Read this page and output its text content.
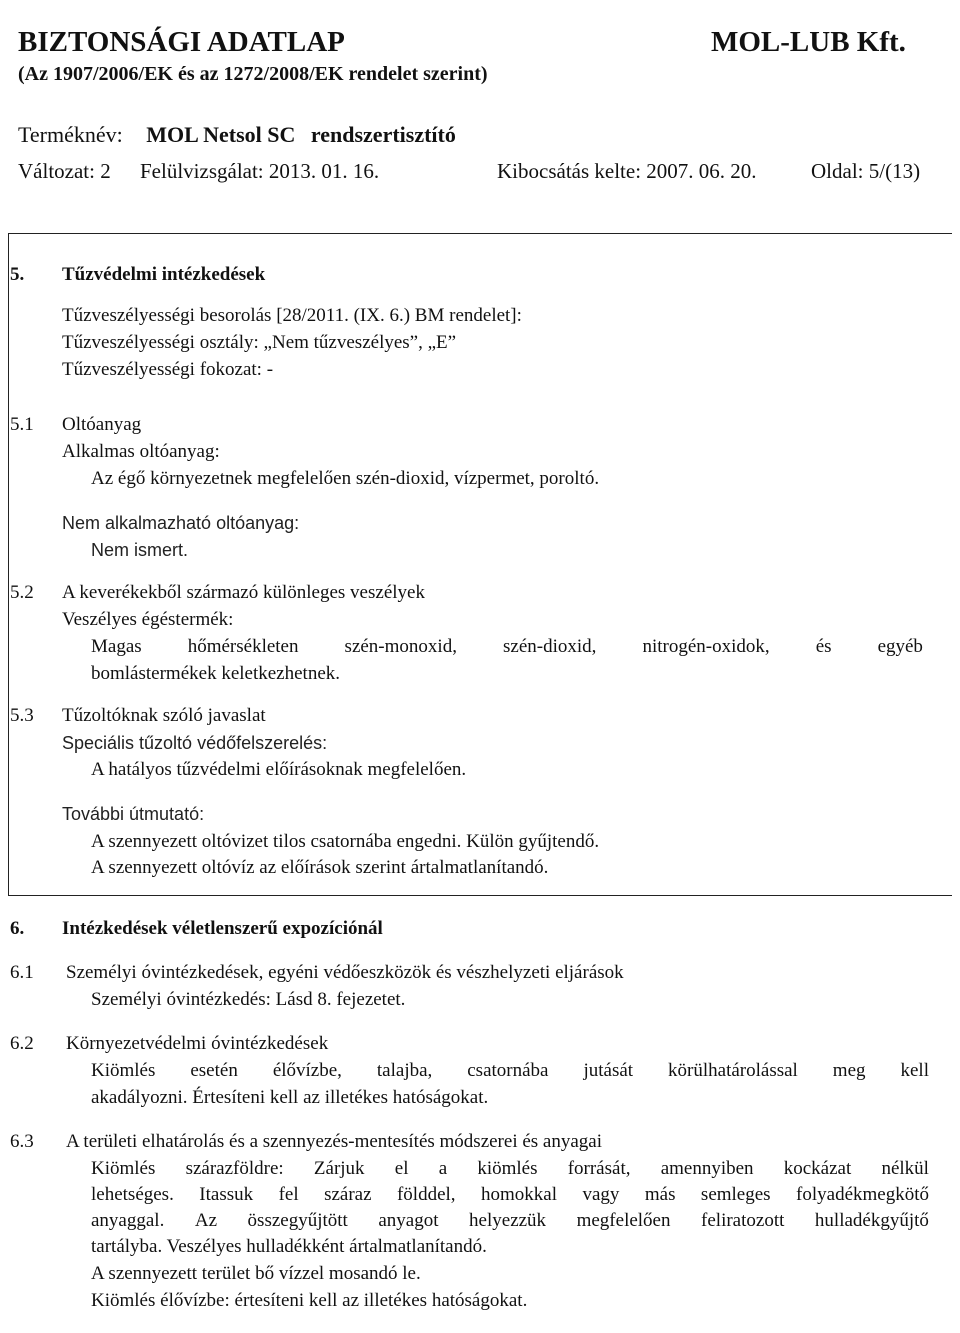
BIZTONSÁGI ADATLAP	MOL-LUB Kft.
(Az 1907/2006/EK és az 1272/2008/EK rendelet szerint)
Terméknév: MOL Netsol SC rendszertisztító
Változat: 2 Felülvizsgálat: 2013. 01. 16.	Kibocsátás kelte: 2007. 06. 20.	Oldal: 5/(13)
5. Tűzvédelmi intézkedések
Tűzveszélyességi besorolás [28/2011. (IX. 6.) BM rendelet]:
Tűzveszélyességi osztály: „Nem tűzveszélyes”, „E”
Tűzveszélyességi fokozat: -
5.1 Oltóanyag
Alkalmas oltóanyag:
Az égő környezetnek megfelelően szén-dioxid, vízpermet, poroltó.
Nem alkalmazható oltóanyag:
Nem ismert.
5.2 A keverékekből származó különleges veszélyek
Veszélyes égéstermék:
Magas hőmérsékleten szén-monoxid, szén-dioxid, nitrogén-oxidok, és egyéb
bomlástermékek keletkezhetnek.
5.3 Tűzoltóknak szóló javaslat
Speciális tűzoltó védőfelszerelés:
A hatályos tűzvédelmi előírásoknak megfelelően.
További útmutató:
A szennyezett oltóvizet tilos csatornába engedni. Külön gyűjtendő.
A szennyezett oltóvíz az előírások szerint ártalmatlanítandó.
6. Intézkedések véletlenszerű expozíciónál
6.1 Személyi óvintézkedések, egyéni védőeszközök és vészhelyzeti eljárások
Személyi óvintézkedés: Lásd 8. fejezetet.
6.2 Környezetvédelmi óvintézkedések
Kiömlés esetén élővízbe, talajba, csatornába jutását körülhatárolással meg kell
akadályozni. Értesíteni kell az illetékes hatóságokat.
6.3 A területi elhatárolás és a szennyezés-mentesítés módszerei és anyagai
Kiömlés szárazföldre: Zárjuk el a kiömlés forrását, amennyiben kockázat nélkül
lehetséges. Itassuk fel száraz földdel, homokkal vagy más semleges folyadékmegkötő
anyaggal. Az összegyűjtött anyagot helyezzük megfelelően feliratozott hulladékgyűjtő
tartályba. Veszélyes hulladékként ártalmatlanítandó.
A szennyezett terület bő vízzel mosandó le.
Kiömlés élővízbe: értesíteni kell az illetékes hatóságokat.
